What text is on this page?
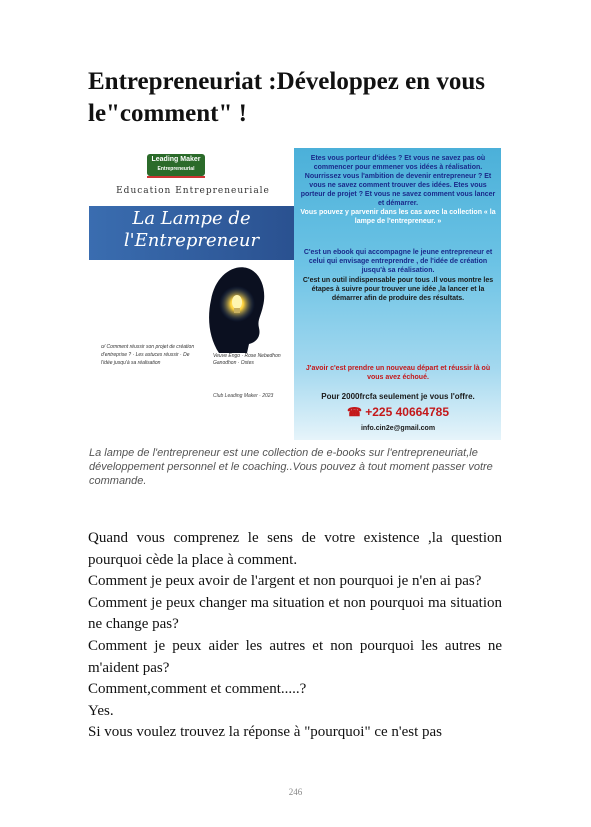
Entrepreneuriat :Développez en vous le"comment" !
Leading Maker
Entrepreneurial
Education Entrepreneuriale
La Lampe de l'Entrepreneur
o/ Comment réussir son projet de création d'entreprise ? · Les astuces réussir · De l'idée jusqu'à sa réalisation
Veuve Engo · Rose Nebedhon Ganodhon · Ostes
Club Leading Maker · 2023
Etes vous porteur d'idées ? Et vous ne savez pas où commencer pour emmener vos idées à réalisation. Nourrissez vous l'ambition de devenir entrepreneur ? Et vous ne savez comment trouver des idées. Etes vous porteur de projet ? Et vous ne savez comment vous lancer et démarrer.
Vous pouvez y parvenir dans les cas avec la collection « la lampe de l'entrepreneur. »
C'est un ebook qui accompagne le jeune entrepreneur et celui qui envisage entreprendre , de l'idée de création jusqu'à sa réalisation.
C'est un outil indispensable pour tous .Il vous montre les étapes à suivre pour trouver une idée ,la lancer et la démarrer afin de produire des résultats.
J'avoir c'est prendre un nouveau départ et réussir là où vous avez échoué.
Pour 2000frcfa seulement je vous l'offre.
☎ +225 40664785
info.cin2e@gmail.com
La lampe de l'entrepreneur est une collection de e-books sur l'entrepreneuriat,le développement personnel et le coaching..Vous pouvez à tout moment passer votre commande.

Quand vous comprenez le sens de votre existence ,la question pourquoi cède la place à comment.

Comment je peux avoir de l'argent et non pourquoi je n'en ai pas?

Comment je peux changer ma situation et non pourquoi ma situation ne change pas?

Comment je peux aider les autres et non pourquoi les autres ne m'aident pas?

Comment,comment et comment.....?

Yes.

Si vous voulez trouvez la réponse à "pourquoi" ce n'est pas

246
